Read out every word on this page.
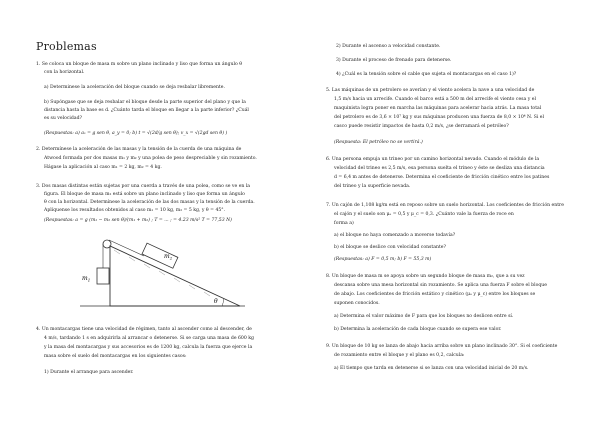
Problemas
1. Se coloca un bloque de masa m sobre un plano inclinado y liso que forma un ángulo θ
con la horizontal.
a) Determinese la aceleración del bloque cuando se deja resbalar libremente.
b) Supóngase que se deja resbalar el bloque desde la parte superior del plano y que la
distancia hasta la base es d. ¿Cuánto tarda el bloque en llegar a la parte inferior? ¿Cuál
es su velocidad?
(Respuestas: a) aₓ = g sen θ, a_y = 0; b) t = √(2d/g sen θ); v_x = √(2gd sen θ) )
2. Determínese la aceleración de las masas y la tensión de la cuerda de una máquina de
Atwood formada por dos masas m₁ y m₂ y una polea de peso despreciable y sin rozamiento.
Hágase la aplicación al caso m₁ = 2 kg, m₂ = 4 kg.
3. Dos masas distintas están sujetas por una cuerda a través de una polea, como se ve en la
figura. El bloque de masa m₂ está sobre un plano inclinado y liso que forma un ángulo
θ con la horizontal. Determínese la aceleración de las dos masas y la tensión de la cuerda.
Aplíquense los resultados obtenidos al caso m₁ = 10 kg, m₂ = 5 kg, y θ = 45°.
(Respuestas: a = g (m₁ − m₂ sen θ)/(m₁ + m₂) ; T = ... ; = 4.23 m/s² T = 77,53 N)
$m_1$
$m_2$
θ
4. Un montacargas tiene una velocidad de régimen, tanto al ascender como al descender, de
4 m/s, tardando 1 s en adquirirla al arrancar o detenerse. Si se carga una masa de 600 kg
y la masa del montacargas y sus accesorios es de 1200 kg, calcula la fuerza que ejerce la
masa sobre el suelo del montacargas en los siguientes casos:
1) Durante el arranque para ascender.
2) Durante el ascenso a velocidad constante.
3) Durante el proceso de frenado para detenerse.
4) ¿Cuál es la tensión sobre el cable que sujeta el montacargas en el caso 1)?
5. Las máquinas de un petrolero se averían y el viento acelera la nave a una velocidad de
1,5 m/s hacia un arrecife. Cuando el barco está a 500 m del arrecife el viento cesa y el
maquinista logra poner en marcha las máquinas para acelerar hacia atrás. La masa total
del petrolero es de 3,6 × 10⁷ kg y sus máquinas producen una fuerza de 8,0 × 10⁴ N. Si el
casco puede resistir impactos de hasta 0,2 m/s, ¿se derramará el petróleo?
(Respuesta: El petróleo no se vertirá.)
6. Una persona empuja un trineo por un camino horizontal nevado. Cuando el módulo de la
velocidad del trineo es 2,5 m/s, esa persona suelta el trineo y éste se desliza una distancia
d = 6,4 m antes de detenerse. Determina el coeficiente de fricción cinético entre los patines
del trineo y la superficie nevada.
7. Un cajón de 1,108 kg/m está en reposo sobre un suelo horizontal. Los coeficientes de fricción entre
el cajón y el suelo son μₑ = 0,5 y μ_c = 0,3. ¿Cuánto vale la fuerza de roce en
forma a)
a) el bloque no haya comenzado a moverse todavía?
b) el bloque se deslice con velocidad constante?
(Respuestas: a) F = 0,5 m; b) F = 55,3 m)
8. Un bloque de masa m se apoya sobre un segundo bloque de masa m₂, que a su vez
descansa sobre una mesa horizontal sin rozamiento. Se aplica una fuerza F sobre el bloque
de abajo. Los coeficientes de fricción estático y cinético (μₑ y μ_c) entre los bloques se
suponen conocidos.
a) Determina el valor máximo de F para que los bloques no deslicen entre sí.
b) Determina la aceleración de cada bloque cuando se supera ese valor.
9. Un bloque de 10 kg se lanza de abajo hacia arriba sobre un plano inclinado 30°. Si el coeficiente
de rozamiento entre el bloque y el plano es 0,2, calcula:
a) El tiempo que tarda en detenerse si se lanza con una velocidad inicial de 20 m/s.
